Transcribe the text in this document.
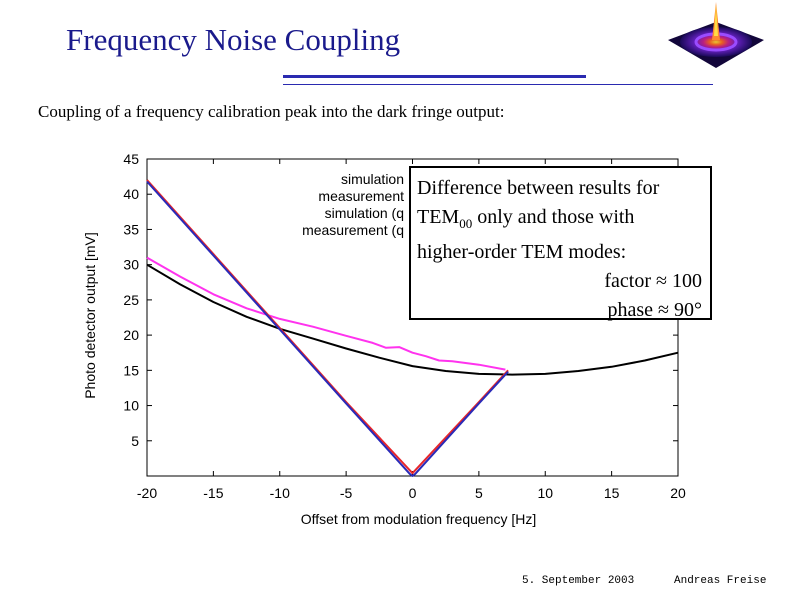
Frequency Noise Coupling
Coupling of a frequency calibration peak into the dark fringe output:
-20	-15	-10	-5	0	5	10	15	20
5
10
15
20
25
30
35
40
45
Offset from modulation frequency [Hz]
Photo detector output [mV]
simulation
measurement
simulation (q
measurement (q
Difference between results for
$TEM_{00}$ only and those with
higher-order TEM modes:
factor ≈ 100
phase ≈ 90°
5. September 2003	Andreas Freise
